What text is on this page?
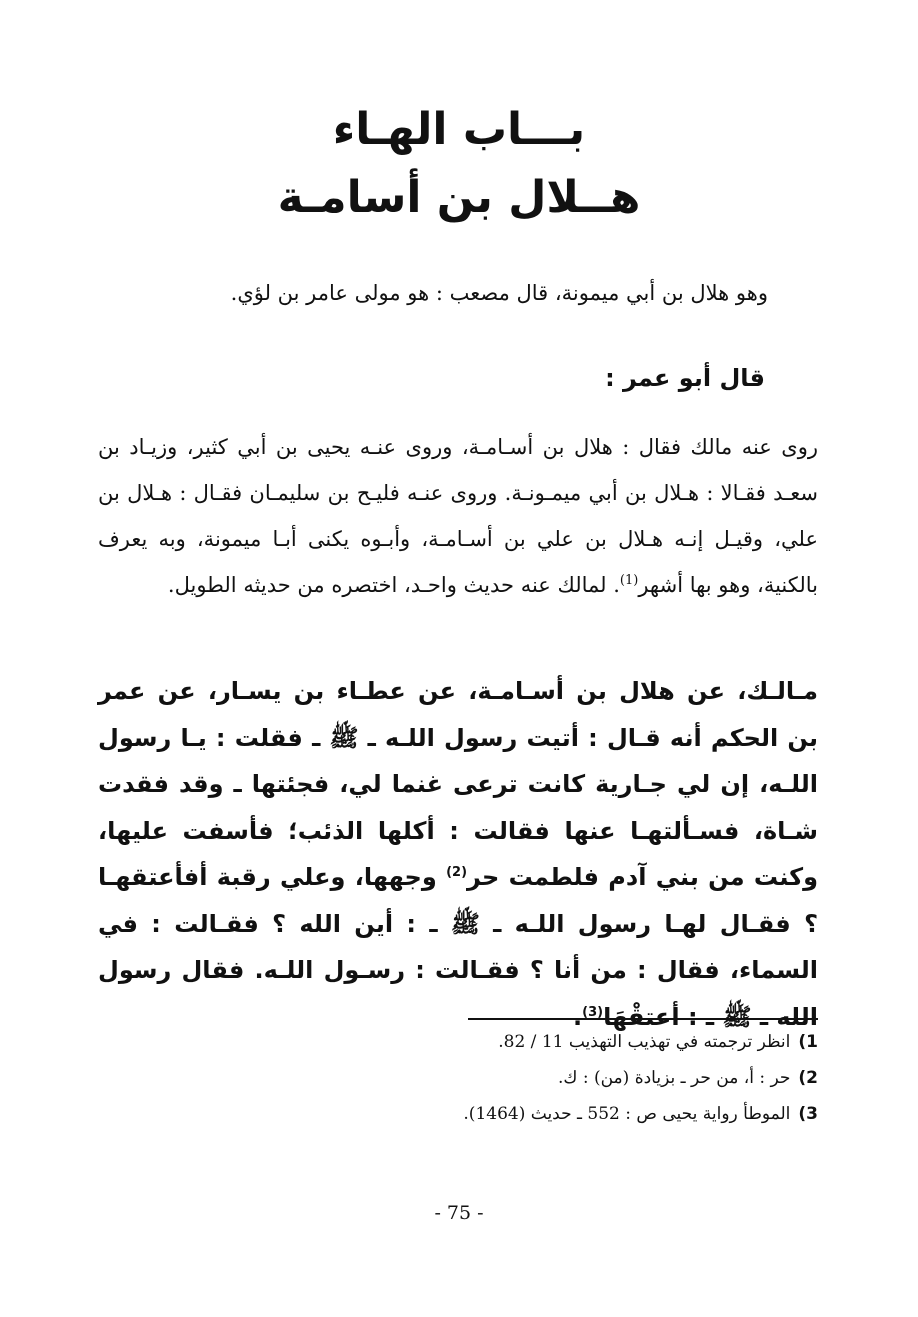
بـــاب الهـاء
هــلال بن أسامـة

وهو هلال بن أبي ميمونة، قال مصعب : هو مولى عامر بن لؤي.

قال أبو عمر :

روى عنه مالك فقال : هلال بن أسـامـة، وروى عنـه يحيى بن أبي كثير، وزيـاد بن سعـد فقـالا : هـلال بن أبي ميمـونـة. وروى عنـه فليـح بن سليمـان فقـال : هـلال بن علي، وقيـل إنـه هـلال بن علي بن أسـامـة، وأبـوه يكنى أبـا ميمونة، وبه يعرف بالكنية، وهو بها أشهر$^{(1)}$. لمالك عنه حديث واحـد، اختصره من حديثه الطويل.

مـالـك، عن هلال بن أسـامـة، عن عطـاء بن يسـار، عن عمر بن الحكم أنه قـال : أتيت رسول اللـه ـ ﷺ ـ فقلت : يـا رسول اللـه، إن لي جـارية كانت ترعى غنما لي، فجئتها ـ وقد فقدت شـاة، فسـألتهـا عنها فقالت : أكلها الذئب؛ فأسفت عليها، وكنت من بني آدم فلطمت حر$^{(2)}$ وجهها، وعلي رقبة أفأعتقهـا ؟ فقـال لهـا رسول اللـه ـ ﷺ ـ : أين الله ؟ فقـالت : في السماء، فقال : من أنا ؟ فقـالت : رسـول اللـه. فقال رسول الله ـ ﷺ ـ : أعتقْهَا$^{(3)}$.

1)انظر ترجمته في تهذيب التهذيب 11 / 82.
2)حر : أ، من حر ـ بزيادة (من) : ك.
3)الموطأ رواية يحيى ص : 552 ـ حديث (1464).

- 75 -
